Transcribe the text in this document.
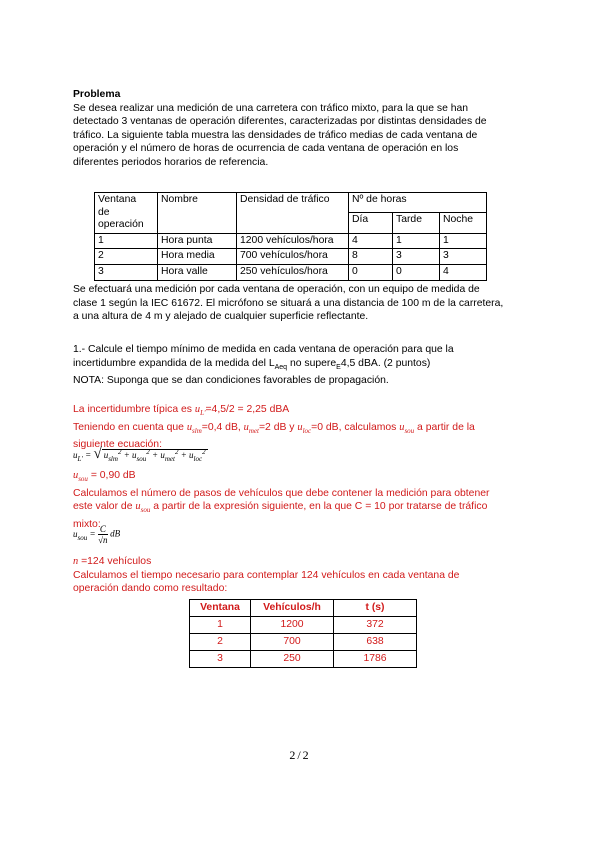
Problema

Se desea realizar una medición de una carretera con tráfico mixto, para la que se han

detectado 3 ventanas de operación diferentes, caracterizadas por distintas densidades de

tráfico. La siguiente tabla muestra las densidades de tráfico medias de cada ventana de

operación y el número de horas de ocurrencia de cada ventana de operación en los

diferentes periodos horarios de referencia.

Ventana
de
operación	Nombre	Densidad de tráfico	Nº de horas		
			Día	Tarde	Noche
1	Hora punta	1200 vehículos/hora	4	1	1
2	Hora media	700 vehículos/hora	8	3	3
3	Hora valle	250 vehículos/hora	0	0	4

Se efectuará una medición por cada ventana de operación, con un equipo de medida de

clase 1 según la IEC 61672. El micrófono se situará a una distancia de 100 m de la carretera,

a una altura de 4 m y alejado de cualquier superficie reflectante.

1.- Calcule el tiempo mínimo de medida en cada ventana de operación para que la

incertidumbre expandida de la medida del $L_{Aeq}$ no supere$_E$4,5 dBA. (2 puntos)

NOTA: Suponga que se dan condiciones favorables de propagación.

La incertidumbre típica es $u_{L'}=4,5/2 = 2,25$ dBA

Teniendo en cuenta que $u_{slm}=0,4$ dB, $u_{met}=2$ dB y $u_{loc}=0$ dB, calculamos $u_{sou}$ a partir de la

siguiente ecuación:

$u_{L'}$ = √ $u_{slm}^2 + u_{sou}^2 + u_{met}^2 + u_{loc}^2$

$u_{sou} = 0,90$ dB

Calculamos el número de pasos de vehículos que debe contener la medición para obtener

este valor de $u_{sou}$ a partir de la expresión siguiente, en la que C = 10 por tratarse de tráfico

mixto:

$u_{sou} = \frac{C}{√n}$ dB

n =124 vehículos

Calculamos el tiempo necesario para contemplar 124 vehículos en cada ventana de

operación dando como resultado:

Ventana	Vehículos/h	t (s)
1	1200	372
2	700	638
3	250	1786
2/2
